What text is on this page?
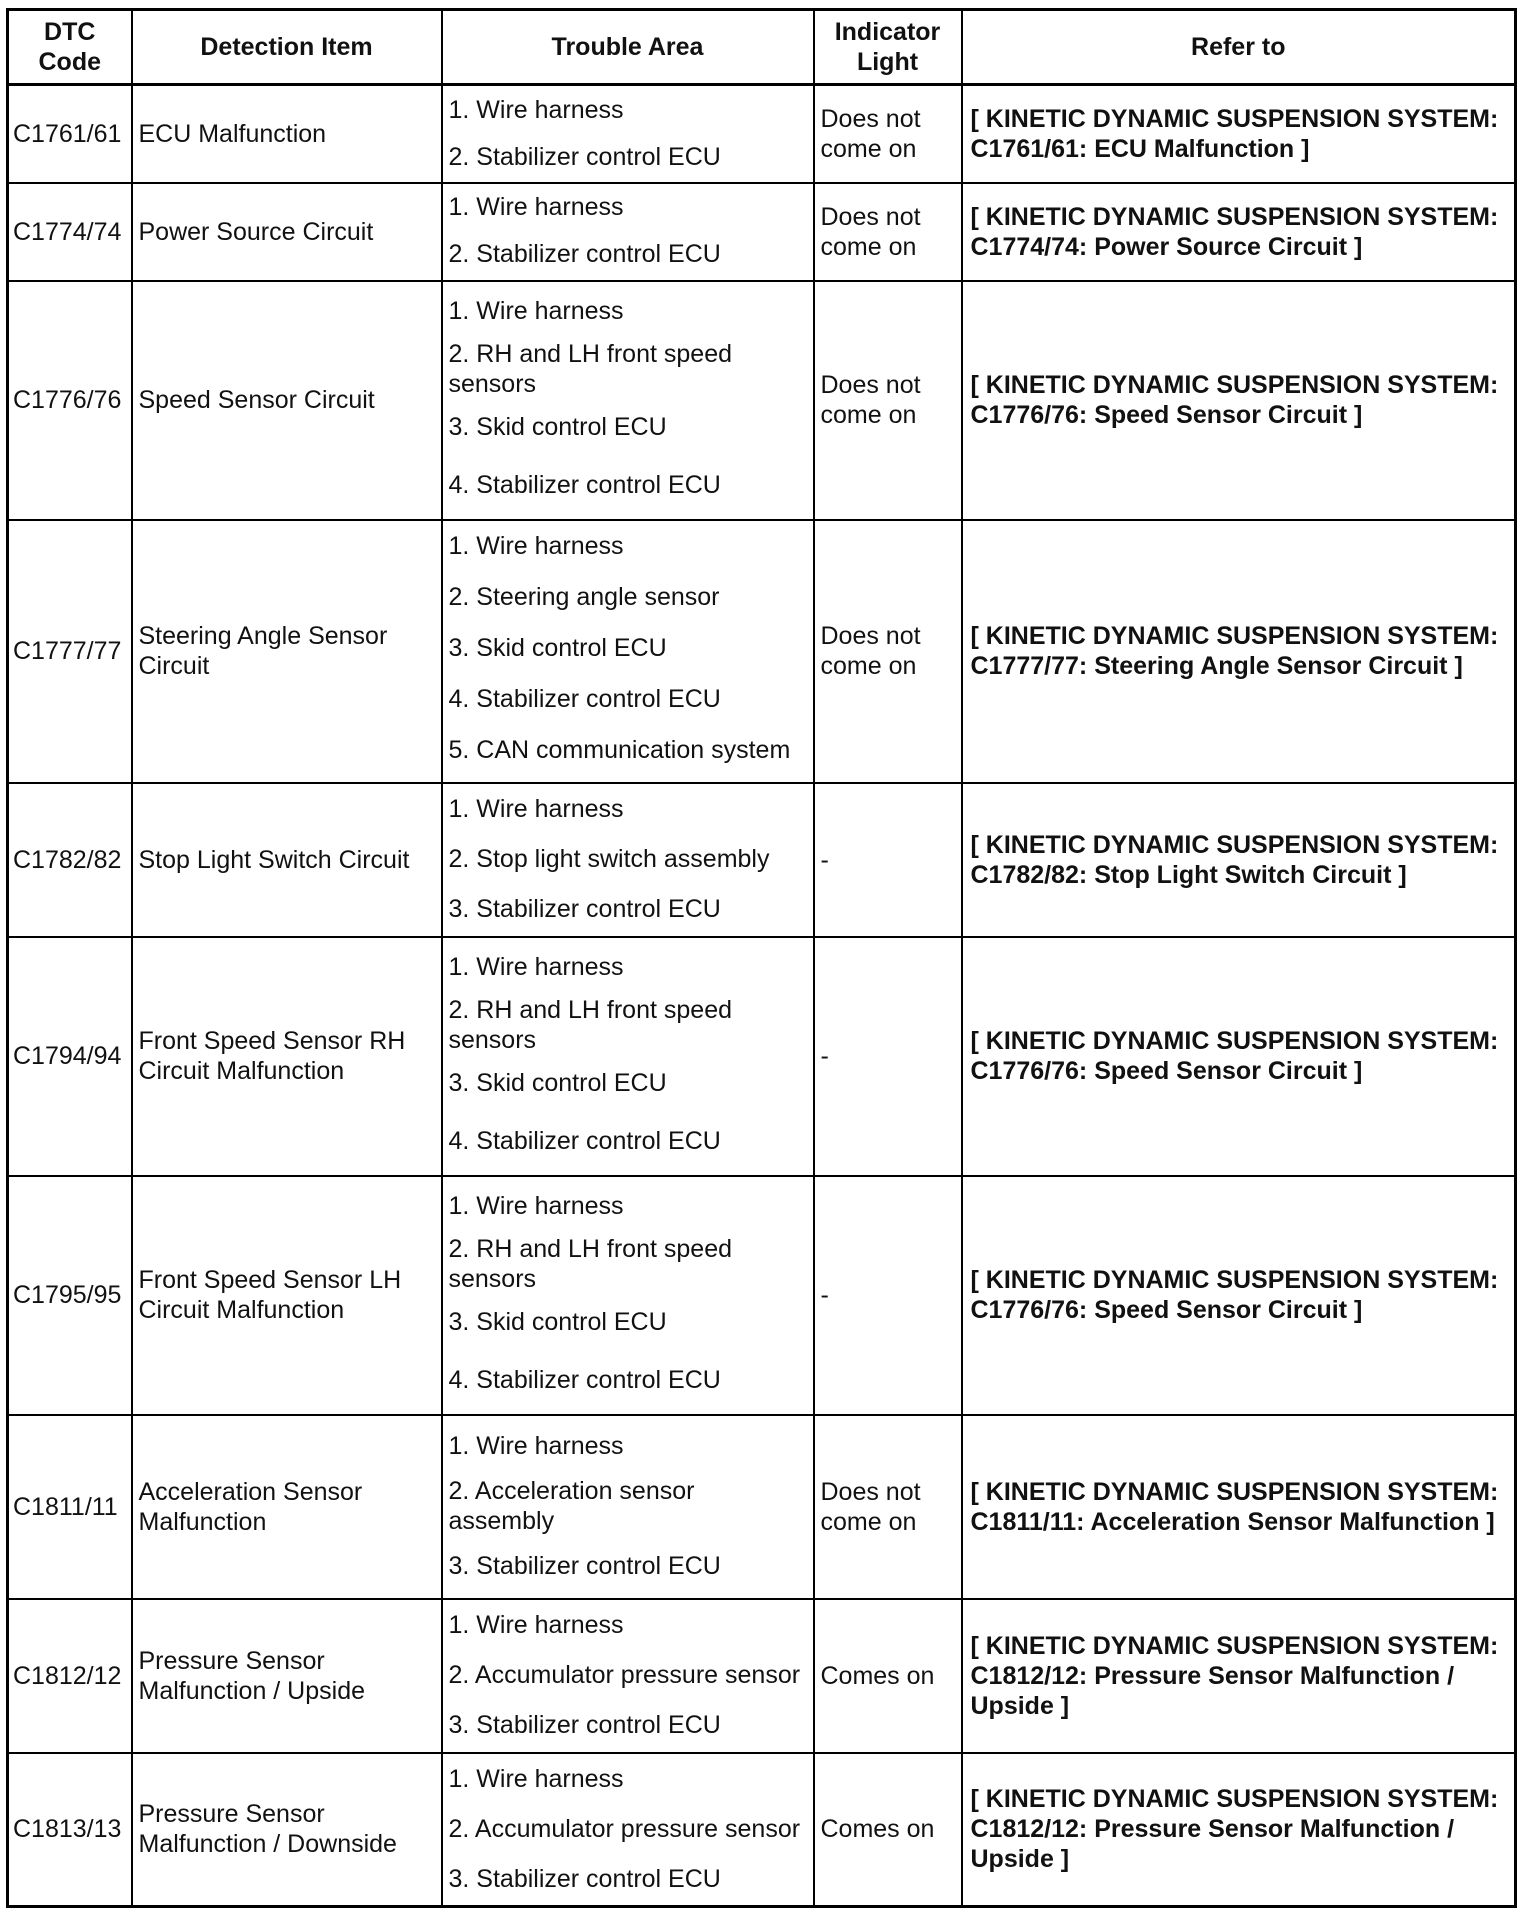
DTC
Code	Detection Item	Trouble Area	Indicator
Light	Refer to
C1761/61	ECU Malfunction	1. Wire harness
2. Stabilizer control ECU	Does not come on	[ KINETIC DYNAMIC SUSPENSION SYSTEM: C1761/61: ECU Malfunction ]
C1774/74	Power Source Circuit	1. Wire harness
2. Stabilizer control ECU	Does not come on	[ KINETIC DYNAMIC SUSPENSION SYSTEM: C1774/74: Power Source Circuit ]
C1776/76	Speed Sensor Circuit	1. Wire harness
2. RH and LH front speed sensors
3. Skid control ECU
4. Stabilizer control ECU	Does not come on	[ KINETIC DYNAMIC SUSPENSION SYSTEM: C1776/76: Speed Sensor Circuit ]
C1777/77	Steering Angle Sensor Circuit	1. Wire harness
2. Steering angle sensor
3. Skid control ECU
4. Stabilizer control ECU
5. CAN communication system	Does not come on	[ KINETIC DYNAMIC SUSPENSION SYSTEM: C1777/77: Steering Angle Sensor Circuit ]
C1782/82	Stop Light Switch Circuit	1. Wire harness
2. Stop light switch assembly
3. Stabilizer control ECU	-	[ KINETIC DYNAMIC SUSPENSION SYSTEM: C1782/82: Stop Light Switch Circuit ]
C1794/94	Front Speed Sensor RH Circuit Malfunction	1. Wire harness
2. RH and LH front speed sensors
3. Skid control ECU
4. Stabilizer control ECU	-	[ KINETIC DYNAMIC SUSPENSION SYSTEM: C1776/76: Speed Sensor Circuit ]
C1795/95	Front Speed Sensor LH Circuit Malfunction	1. Wire harness
2. RH and LH front speed sensors
3. Skid control ECU
4. Stabilizer control ECU	-	[ KINETIC DYNAMIC SUSPENSION SYSTEM: C1776/76: Speed Sensor Circuit ]
C1811/11	Acceleration Sensor Malfunction	1. Wire harness
2. Acceleration sensor assembly
3. Stabilizer control ECU	Does not come on	[ KINETIC DYNAMIC SUSPENSION SYSTEM: C1811/11: Acceleration Sensor Malfunction ]
C1812/12	Pressure Sensor Malfunction / Upside	1. Wire harness
2. Accumulator pressure sensor
3. Stabilizer control ECU	Comes on	[ KINETIC DYNAMIC SUSPENSION SYSTEM: C1812/12: Pressure Sensor Malfunction / Upside ]
C1813/13	Pressure Sensor Malfunction / Downside	1. Wire harness
2. Accumulator pressure sensor
3. Stabilizer control ECU	Comes on	[ KINETIC DYNAMIC SUSPENSION SYSTEM: C1812/12: Pressure Sensor Malfunction / Upside ]
